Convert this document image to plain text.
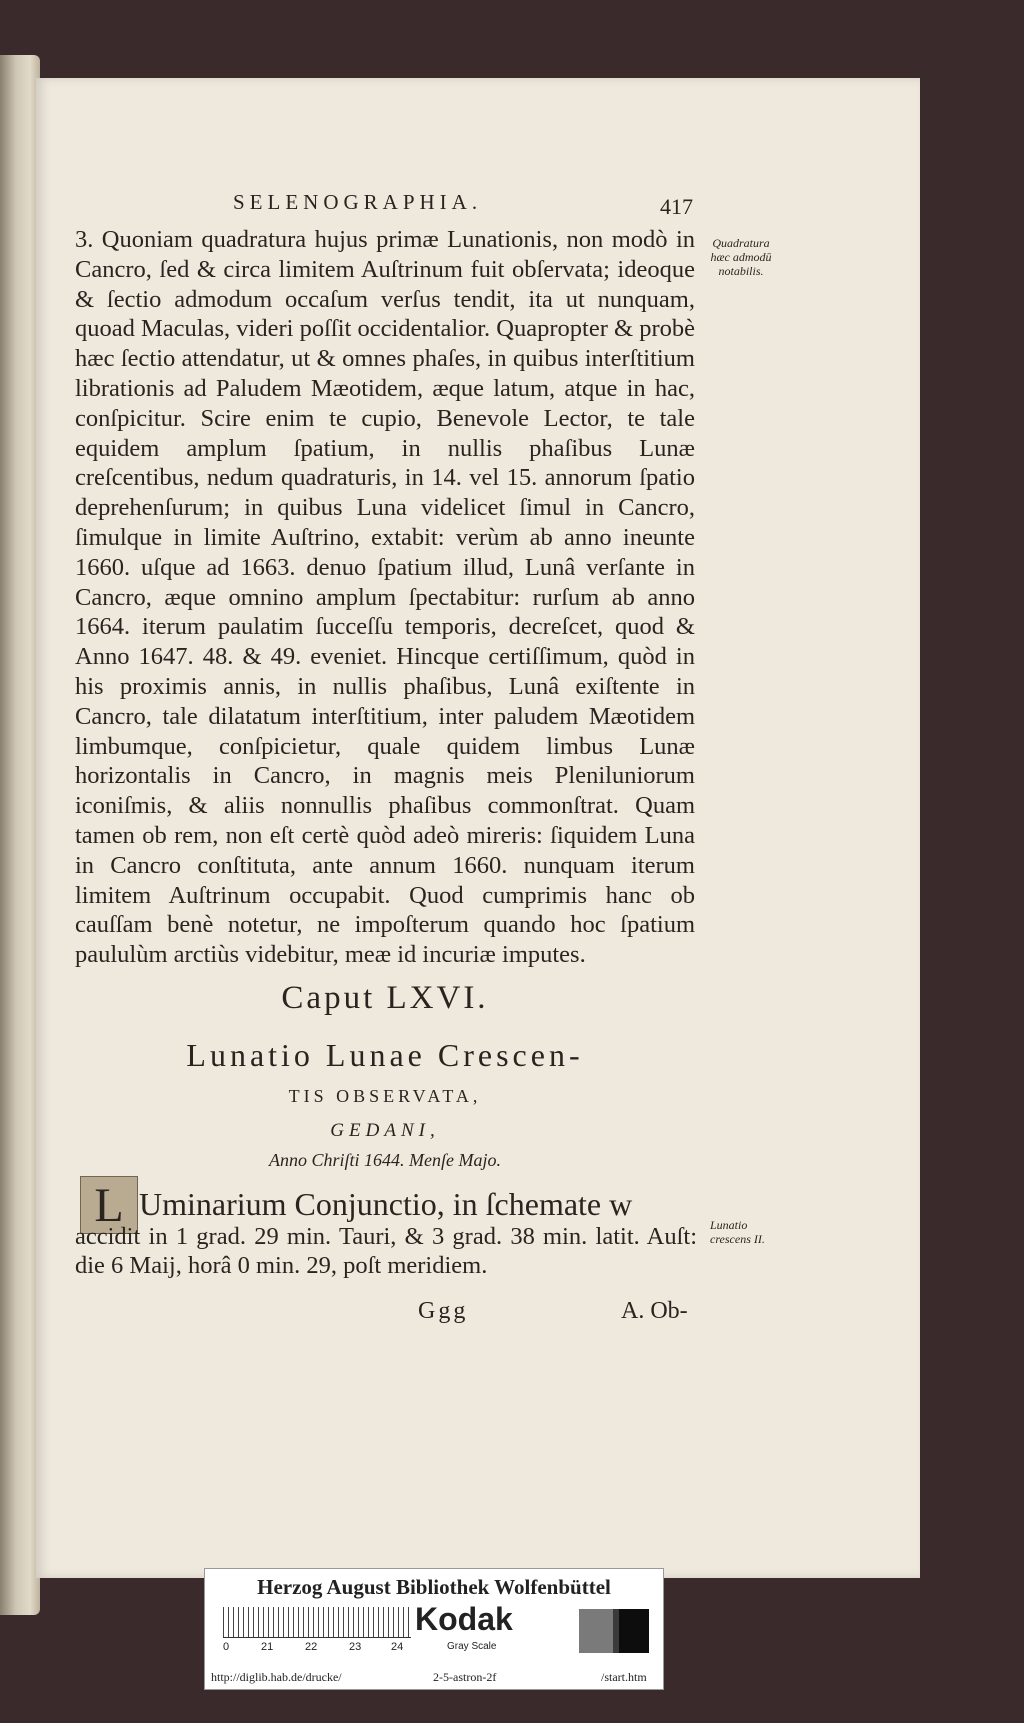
SELENOGRAPHIA.	417
Quadratura hæc admodū notabilis.

3. Quoniam quadratura hujus primæ Lunationis, non modò in Cancro, ſed & circa limitem Auſtrinum fuit obſervata; ideoque & ſectio admodum occaſum verſus tendit, ita ut nunquam, quoad Maculas, videri poſſit occidentalior. Quapropter & probè hæc ſectio attendatur, ut & omnes phaſes, in quibus interſtitium librationis ad Paludem Mæotidem, æque latum, atque in hac, conſpicitur. Scire enim te cupio, Benevole Lector, te tale equidem amplum ſpatium, in nullis phaſibus Lunæ creſcentibus, nedum quadraturis, in 14. vel 15. annorum ſpatio deprehenſurum; in quibus Luna videlicet ſimul in Cancro, ſimulque in limite Auſtrino, extabit: verùm ab anno ineunte 1660. uſque ad 1663. denuo ſpatium illud, Lunâ verſante in Cancro, æque omnino amplum ſpectabitur: rurſum ab anno 1664. iterum paulatim ſucceſſu temporis, decreſcet, quod & Anno 1647. 48. & 49. eveniet. Hincque certiſſimum, quòd in his proximis annis, in nullis phaſibus, Lunâ exiſtente in Cancro, tale dilatatum interſtitium, inter paludem Mæotidem limbumque, conſpicietur, quale quidem limbus Lunæ horizontalis in Cancro, in magnis meis Pleniluniorum iconiſmis, & aliis nonnullis phaſibus commonſtrat. Quam tamen ob rem, non eſt certè quòd adeò mireris: ſiquidem Luna in Cancro conſtituta, ante annum 1660. nunquam iterum limitem Auſtrinum occupabit. Quod cumprimis hanc ob cauſſam benè notetur, ne impoſterum quando hoc ſpatium paululùm arctiùs videbitur, meæ id incuriæ imputes.

Caput LXVI.
Lunatio Lunae Crescen-
TIS OBSERVATA,
GEDANI,
Anno Chriſti 1644. Menſe Majo.
L Uminarium Conjunctio, in ſchemate w accidit in 1 grad. 29 min. Tauri, & 3 grad. 38 min. latit. Auſt: die 6 Maij, horâ 0 min. 29, poſt meridiem.

Lunatio crescens II.
Ggg	A. Ob-
Herzog August Bibliothek Wolfenbüttel
0	21	22	23	24
Kodak
Gray Scale
http://diglib.hab.de/drucke/	2-5-astron-2f	/start.htm
